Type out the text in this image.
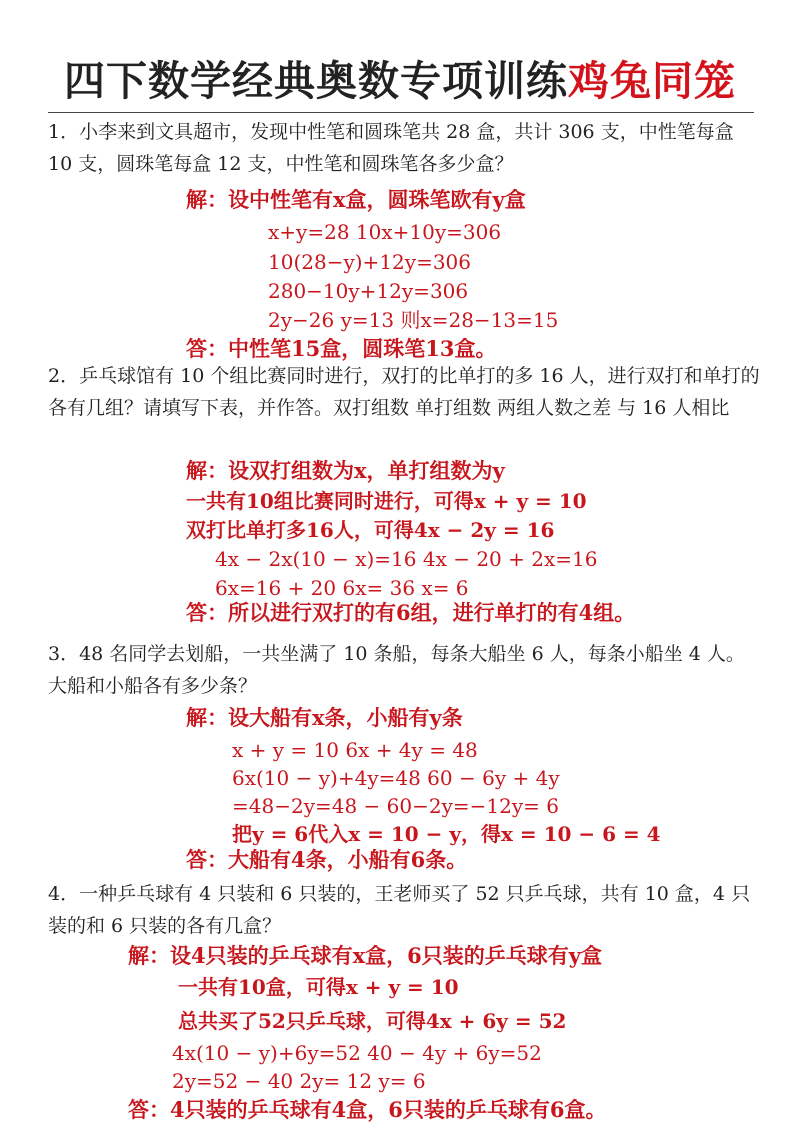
四下数学经典奥数专项训练鸡兔同笼

1．小李来到文具超市，发现中性笔和圆珠笔共 28 盒，共计 306 支，中性笔每盒 10 支，圆珠笔每盒 12 支，中性笔和圆珠笔各多少盒？

解：设中性笔有x盒，圆珠笔欧有y盒

x+y=28 10x+10y=306

10(28−y)+12y=306

280−10y+12y=306

2y−26 y=13 则x=28−13=15

答：中性笔15盒，圆珠笔13盒。

2．乒乓球馆有 10 个组比赛同时进行，双打的比单打的多 16 人，进行双打和单打的各有几组？请填写下表，并作答。双打组数 单打组数 两组人数之差 与 16 人相比

解：设双打组数为x，单打组数为y

一共有10组比赛同时进行，可得x + y = 10

双打比单打多16人，可得4x − 2y = 16

4x − 2x(10 − x)=16 4x − 20 + 2x=16

6x=16 + 20 6x= 36 x= 6

答：所以进行双打的有6组，进行单打的有4组。

3．48 名同学去划船，一共坐满了 10 条船，每条大船坐 6 人，每条小船坐 4 人。大船和小船各有多少条？

解：设大船有x条，小船有y条

x + y = 10 6x + 4y = 48

6x(10 − y)+4y=48 60 − 6y + 4y

=48−2y=48 − 60−2y=−12y= 6

把y = 6代入x = 10 − y，得x = 10 − 6 = 4

答：大船有4条，小船有6条。

4．一种乒乓球有 4 只装和 6 只装的，王老师买了 52 只乒乓球，共有 10 盒，4 只装的和 6 只装的各有几盒？

解：设4只装的乒乓球有x盒，6只装的乒乓球有y盒

一共有10盒，可得x + y = 10

总共买了52只乒乓球，可得4x + 6y = 52

4x(10 − y)+6y=52 40 − 4y + 6y=52

2y=52 − 40 2y= 12 y= 6

答：4只装的乒乓球有4盒，6只装的乒乓球有6盒。
